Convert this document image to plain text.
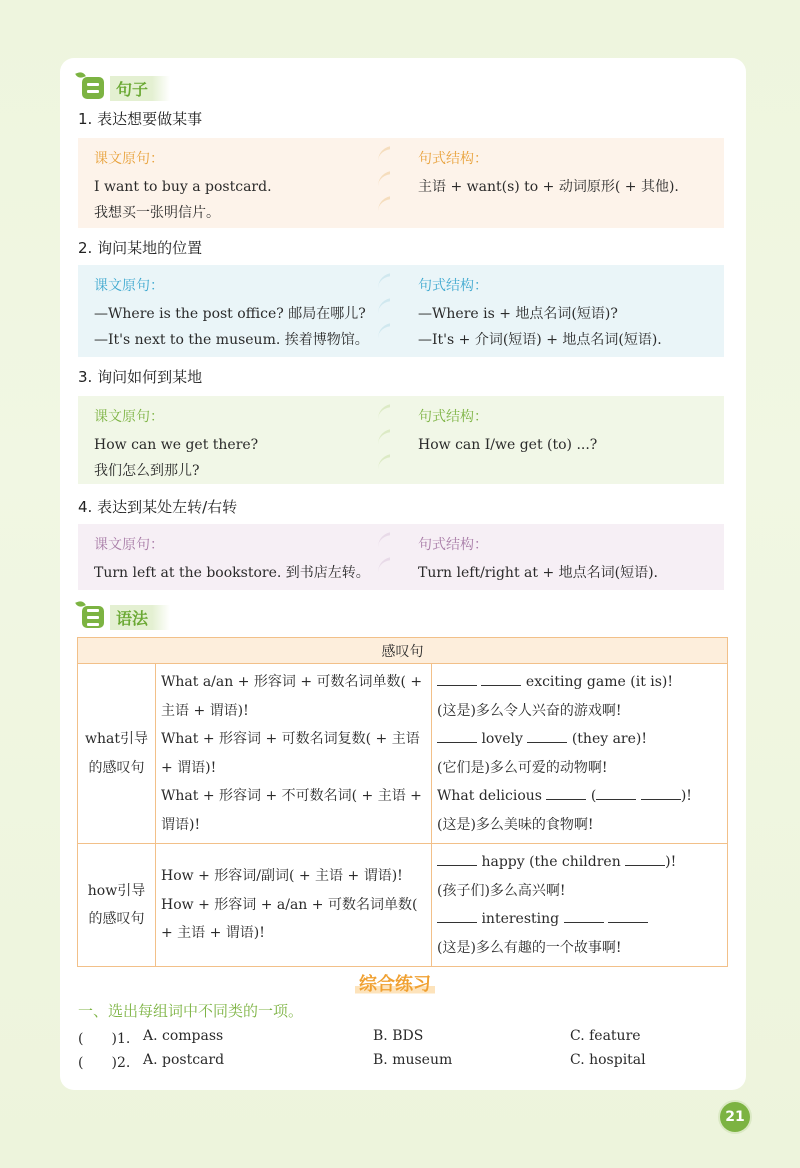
句子
1. 表达想要做某事
课文原句：
I want to buy a postcard.
我想买一张明信片。
句式结构：
主语 + want(s) to + 动词原形( + 其他).
2. 询问某地的位置
课文原句：
—Where is the post office? 邮局在哪儿?
—It's next to the museum. 挨着博物馆。
句式结构：
—Where is + 地点名词(短语)?
—It's + 介词(短语) + 地点名词(短语).
3. 询问如何到某地
课文原句：
How can we get there?
我们怎么到那儿?
句式结构：
How can I/we get (to) ...?
4. 表达到某处左转/右转
课文原句：
Turn left at the bookstore. 到书店左转。
句式结构：
Turn left/right at + 地点名词(短语).
语法
感叹句		
what引导的感叹句	
What a/an + 形容词 + 可数名词单数( + 主语 + 谓语)!
What + 形容词 + 可数名词复数( + 主语 + 谓语)!
What + 形容词 + 不可数名词( + 主语 + 谓语)!

exciting game (it is)!
(这是)多么令人兴奋的游戏啊!
lovely	(they are)!
(它们是)多么可爱的动物啊!
What delicious	(	)!
(这是)多么美味的食物啊!

how引导的感叹句	
How + 形容词/副词( + 主语 + 谓语)!
How + 形容词 + a/an + 可数名词单数( + 主语 + 谓语)!

happy (the children	)!
(孩子们)多么高兴啊!
interesting
(这是)多么有趣的一个故事啊!
综合练习
一、选出每组词中不同类的一项。
(　　)1. A. compass	B. BDS	C. feature
(　　)2. A. postcard	B. museum	C. hospital
21
